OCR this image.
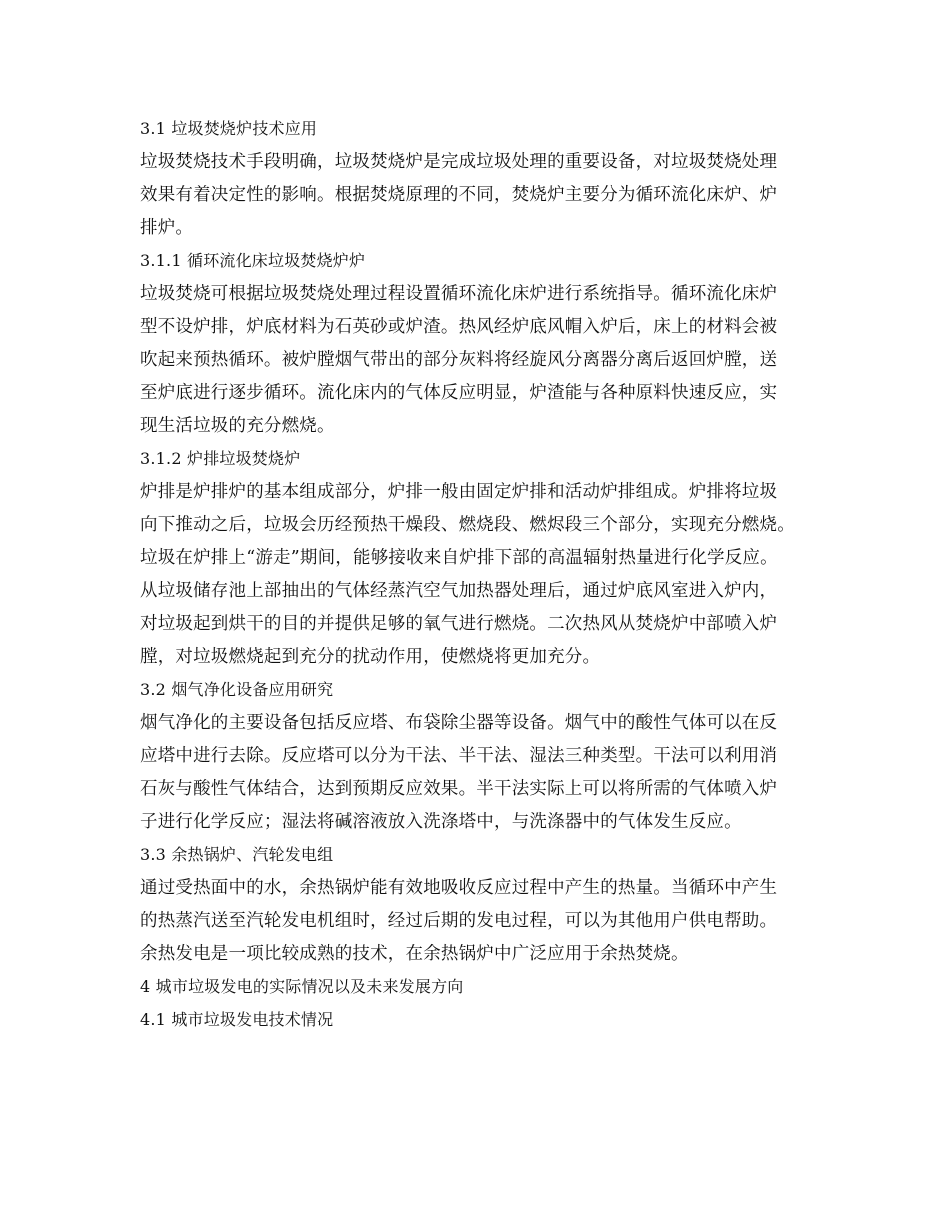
3.1 垃圾焚烧炉技术应用
垃圾焚烧技术手段明确，垃圾焚烧炉是完成垃圾处理的重要设备，对垃圾焚烧处理
效果有着决定性的影响。根据焚烧原理的不同，焚烧炉主要分为循环流化床炉、炉
排炉。
3.1.1 循环流化床垃圾焚烧炉炉
垃圾焚烧可根据垃圾焚烧处理过程设置循环流化床炉进行系统指导。循环流化床炉
型不设炉排，炉底材料为石英砂或炉渣。热风经炉底风帽入炉后，床上的材料会被
吹起来预热循环。被炉膛烟气带出的部分灰料将经旋风分离器分离后返回炉膛，送
至炉底进行逐步循环。流化床内的气体反应明显，炉渣能与各种原料快速反应，实
现生活垃圾的充分燃烧。
3.1.2 炉排垃圾焚烧炉
炉排是炉排炉的基本组成部分，炉排一般由固定炉排和活动炉排组成。炉排将垃圾
向下推动之后，垃圾会历经预热干燥段、燃烧段、燃烬段三个部分，实现充分燃烧。
垃圾在炉排上“游走”期间，能够接收来自炉排下部的高温辐射热量进行化学反应。
从垃圾储存池上部抽出的气体经蒸汽空气加热器处理后，通过炉底风室进入炉内，
对垃圾起到烘干的目的并提供足够的氧气进行燃烧。二次热风从焚烧炉中部喷入炉
膛，对垃圾燃烧起到充分的扰动作用，使燃烧将更加充分。
3.2 烟气净化设备应用研究
烟气净化的主要设备包括反应塔、布袋除尘器等设备。烟气中的酸性气体可以在反
应塔中进行去除。反应塔可以分为干法、半干法、湿法三种类型。干法可以利用消
石灰与酸性气体结合，达到预期反应效果。半干法实际上可以将所需的气体喷入炉
子进行化学反应；湿法将碱溶液放入洗涤塔中，与洗涤器中的气体发生反应。
3.3 余热锅炉、汽轮发电组
通过受热面中的水，余热锅炉能有效地吸收反应过程中产生的热量。当循环中产生
的热蒸汽送至汽轮发电机组时，经过后期的发电过程，可以为其他用户供电帮助。
余热发电是一项比较成熟的技术，在余热锅炉中广泛应用于余热焚烧。
4 城市垃圾发电的实际情况以及未来发展方向
4.1 城市垃圾发电技术情况
